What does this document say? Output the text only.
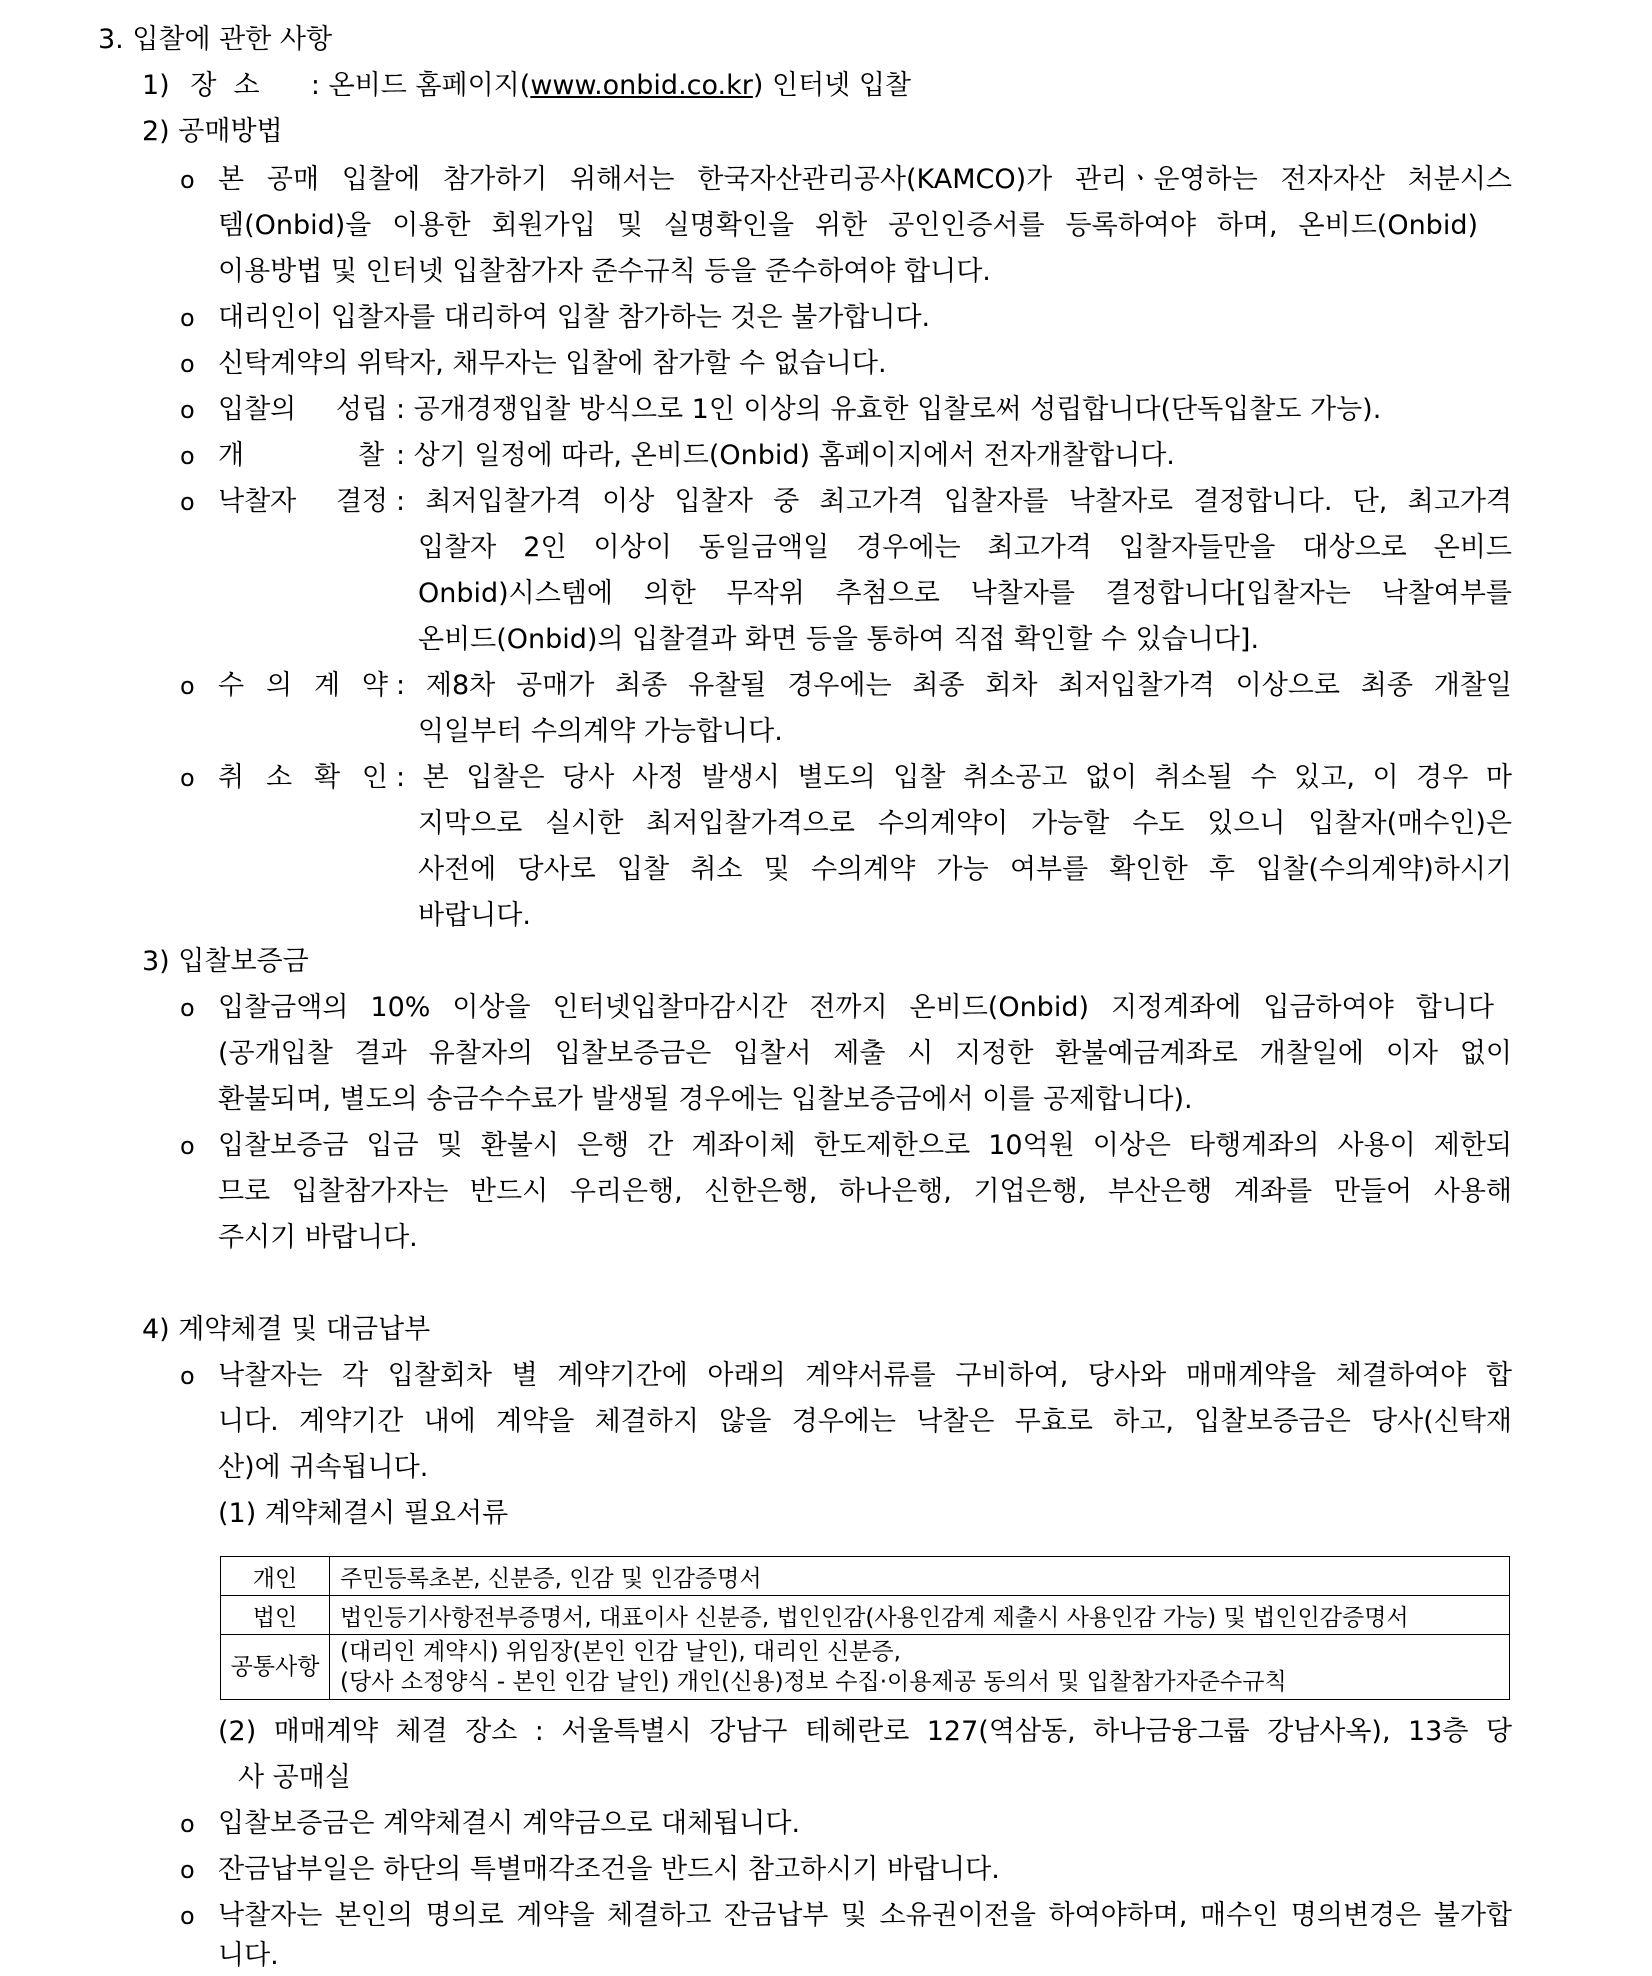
3. 입찰에 관한 사항
1) 장  소 : 온비드 홈페이지(www.onbid.co.kr) 인터넷 입찰
2) 공매방법
o 본 공매 입찰에 참가하기 위해서는 한국자산관리공사(KAMCO)가 관리ㆍ운영하는 전자자산 처분시스
템(Onbid)을 이용한 회원가입 및 실명확인을 위한 공인인증서를 등록하여야 하며, 온비드(Onbid)
이용방법 및 인터넷 입찰참가자 준수규칙 등을 준수하여야 합니다.
o 대리인이 입찰자를 대리하여 입찰 참가하는 것은 불가합니다.
o 신탁계약의 위탁자, 채무자는 입찰에 참가할 수 없습니다.
o 입찰의 성립 : 공개경쟁입찰 방식으로 1인 이상의 유효한 입찰로써 성립합니다(단독입찰도 가능).
o 개	찰 : 상기 일정에 따라, 온비드(Onbid) 홈페이지에서 전자개찰합니다.
o 낙찰자 결정 : 최저입찰가격 이상 입찰자 중 최고가격 입찰자를 낙찰자로 결정합니다. 단, 최고가격
입찰자 2인 이상이 동일금액일 경우에는 최고가격 입찰자들만을 대상으로 온비드
Onbid)시스템에 의한 무작위 추첨으로 낙찰자를 결정합니다[입찰자는 낙찰여부를
온비드(Onbid)의 입찰결과 화면 등을 통하여 직접 확인할 수 있습니다].
o 수 의 계 약 : 제8차 공매가 최종 유찰될 경우에는 최종 회차 최저입찰가격 이상으로 최종 개찰일
익일부터 수의계약 가능합니다.
o 취 소 확 인 : 본 입찰은 당사 사정 발생시 별도의 입찰 취소공고 없이 취소될 수 있고, 이 경우 마
지막으로 실시한 최저입찰가격으로 수의계약이 가능할 수도 있으니 입찰자(매수인)은
사전에 당사로 입찰 취소 및 수의계약 가능 여부를 확인한 후 입찰(수의계약)하시기
바랍니다.
3) 입찰보증금
o 입찰금액의 10% 이상을 인터넷입찰마감시간 전까지 온비드(Onbid) 지정계좌에 입금하여야 합니다
(공개입찰 결과 유찰자의 입찰보증금은 입찰서 제출 시 지정한 환불예금계좌로 개찰일에 이자 없이
환불되며, 별도의 송금수수료가 발생될 경우에는 입찰보증금에서 이를 공제합니다).
o 입찰보증금 입금 및 환불시 은행 간 계좌이체 한도제한으로 10억원 이상은 타행계좌의 사용이 제한되
므로 입찰참가자는 반드시 우리은행, 신한은행, 하나은행, 기업은행, 부산은행 계좌를 만들어 사용해
주시기 바랍니다.
4) 계약체결 및 대금납부
o 낙찰자는 각 입찰회차 별 계약기간에 아래의 계약서류를 구비하여, 당사와 매매계약을 체결하여야 합
니다. 계약기간 내에 계약을 체결하지 않을 경우에는 낙찰은 무효로 하고, 입찰보증금은 당사(신탁재
산)에 귀속됩니다.
(1) 계약체결시 필요서류
개인	주민등록초본, 신분증, 인감 및 인감증명서
법인	법인등기사항전부증명서, 대표이사 신분증, 법인인감(사용인감계 제출시 사용인감 가능) 및 법인인감증명서
공통사항	(대리인 계약시) 위임장(본인 인감 날인), 대리인 신분증,
(당사 소정양식 - 본인 인감 날인) 개인(신용)정보 수집·이용제공 동의서 및 입찰참가자준수규칙
(2) 매매계약 체결 장소 : 서울특별시 강남구 테헤란로 127(역삼동, 하나금융그룹 강남사옥), 13층 당
사 공매실
o 입찰보증금은 계약체결시 계약금으로 대체됩니다.
o 잔금납부일은 하단의 특별매각조건을 반드시 참고하시기 바랍니다.
o 낙찰자는 본인의 명의로 계약을 체결하고 잔금납부 및 소유권이전을 하여야하며, 매수인 명의변경은 불가합
니다.
